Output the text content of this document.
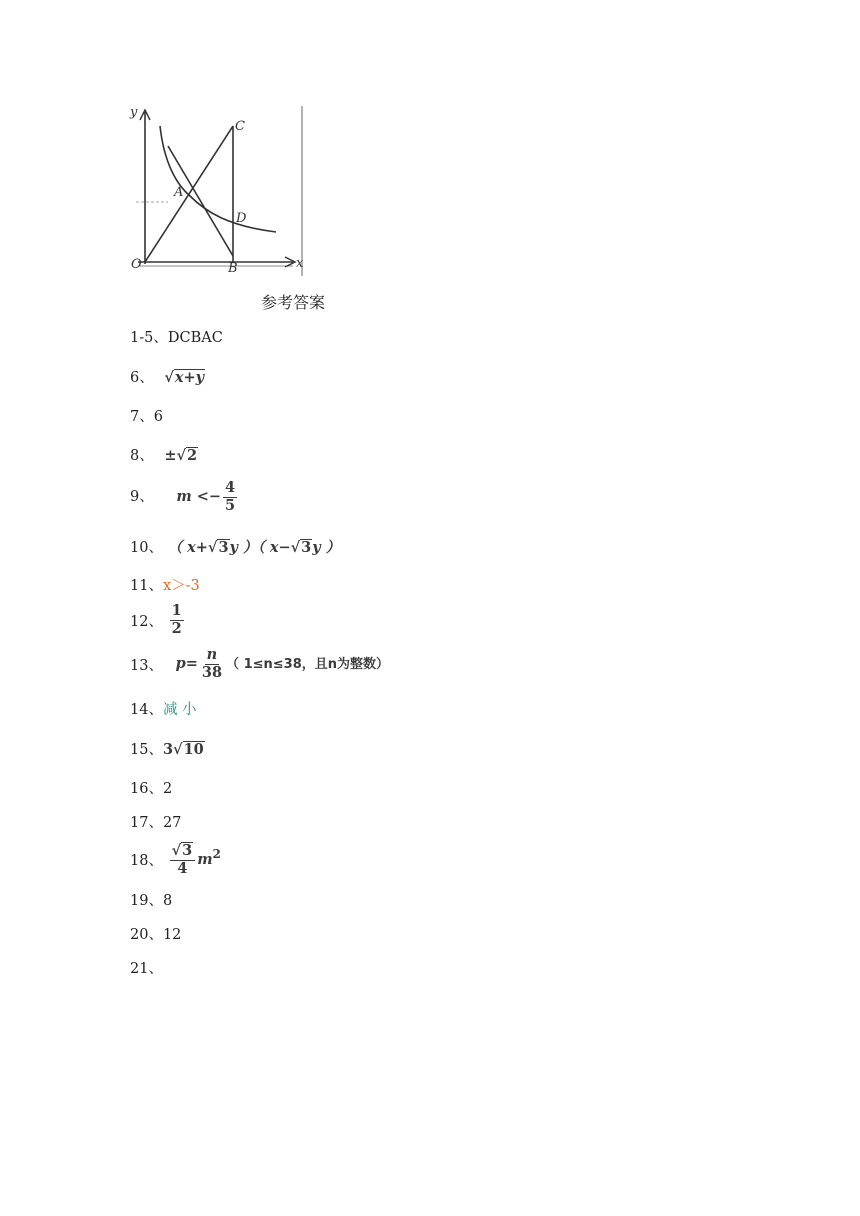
y
x
O
A
B
C
D
参考答案
1-5、DCBAC
6、 √x+y
7、6
8、 ±√2
9、 $m <- \frac{4}{5}$
10、 （ x+√3y ）（ x−√3y ）
11、x＞-3
12、 $\frac{1}{2}$
13、 $p= \frac{n}{38}$ （ 1≤n≤38，且n为整数）
14、减 小
15、3√10
16、2
17、27
18、 $\frac{√3}{4} m^2$
19、8
20、12
21、
